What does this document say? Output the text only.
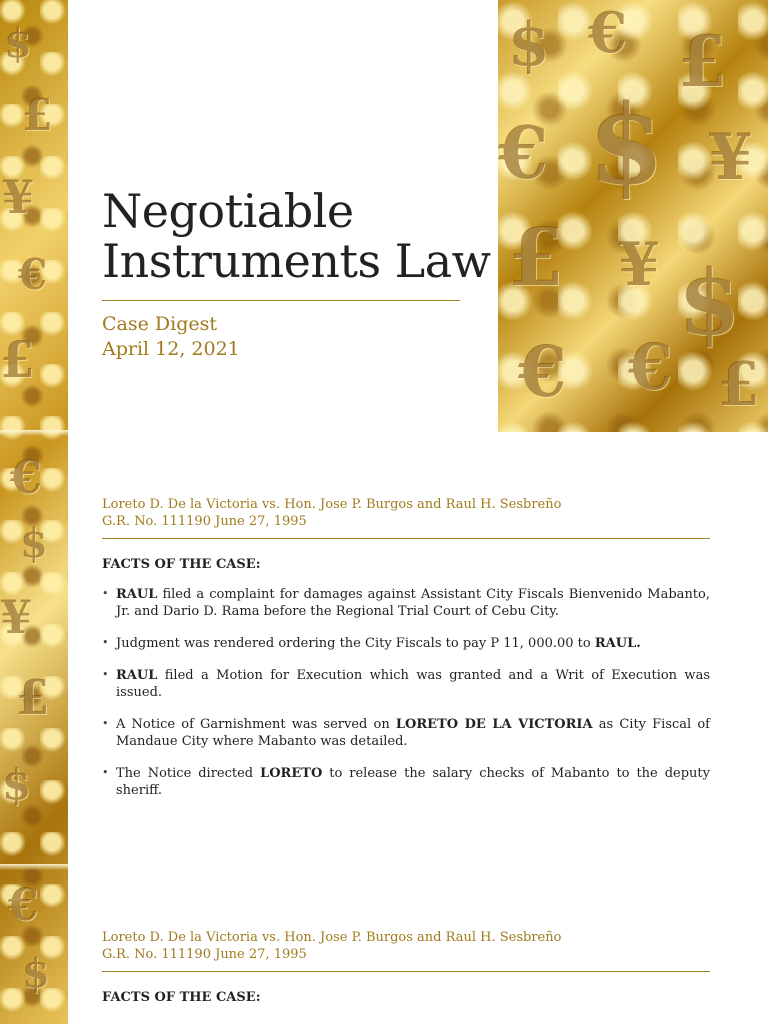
$
£
¥
€
£
€
$
¥
£
$
€
$
Negotiable
Instruments Law
Case Digest
April 12, 2021
$ € £
€ $ ¥
£ ¥ $
€ € £

Loreto D. De la Victoria vs. Hon. Jose P. Burgos and Raul H. Sesbreño
G.R. No. 111190 June 27, 1995

FACTS OF THE CASE:

• RAUL filed a complaint for damages against Assistant City Fiscals Bienvenido Mabanto, Jr. and Dario D. Rama before the Regional Trial Court of Cebu City.
• Judgment was rendered ordering the City Fiscals to pay P 11, 000.00 to RAUL.
• RAUL filed a Motion for Execution which was granted and a Writ of Execution was issued.
• A Notice of Garnishment was served on LORETO DE LA VICTORIA as City Fiscal of Mandaue City where Mabanto was detailed.
• The Notice directed LORETO to release the salary checks of Mabanto to the deputy sheriff.

Loreto D. De la Victoria vs. Hon. Jose P. Burgos and Raul H. Sesbreño
G.R. No. 111190 June 27, 1995

FACTS OF THE CASE:
